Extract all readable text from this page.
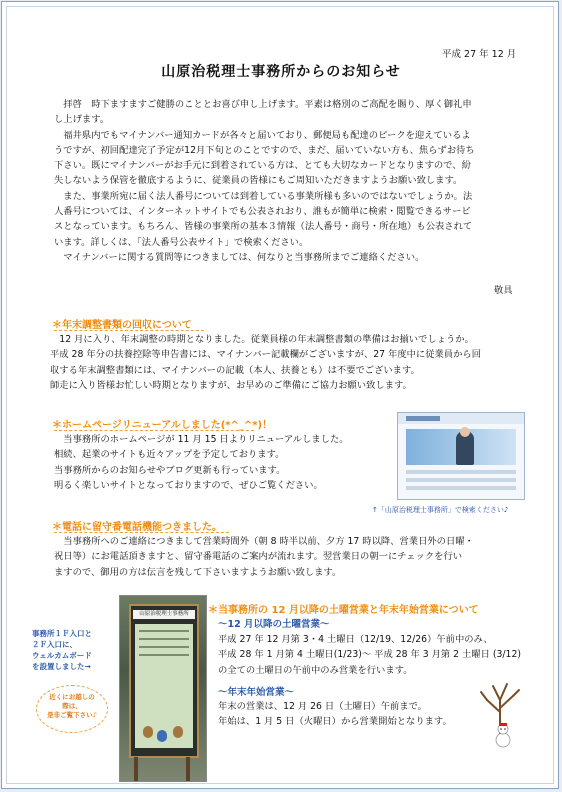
平成 27 年 12 月
山原治税理士事務所からのお知らせ
　拝啓　時下ますますご健勝のこととお喜び申し上げます。平素は格別のご高配を賜り、厚く御礼申
し上げます。
　福井県内でもマイナンバー通知カードが各々と届いており、郵便局も配達のピークを迎えているよ
うですが、初回配達完了予定が12月下旬とのことですので、まだ、届いていない方も、焦らずお待ち
下さい。既にマイナンバーがお手元に到着されている方は、とても大切なカードとなりますので、紛
失しないよう保管を徹底するように、従業員の皆様にもご周知いただきますようお願い致します。
　また、事業所宛に届く法人番号については到着している事業所様も多いのではないでしょうか。法
人番号については、インターネットサイトでも公表されおり、誰もが簡単に検索・閲覧できるサービ
スとなっています。もちろん、皆様の事業所の基本３情報（法人番号・商号・所在地）も公表されて
います。詳しくは、「法人番号公表サイト」で検索ください。
　マイナンバーに関する質問等につきましては、何なりと当事務所までご連絡ください。
敬具
＊年末調整書類の回収について
　12 月に入り、年末調整の時期となりました。従業員様の年末調整書類の準備はお揃いでしょうか。
平成 28 年分の扶養控除等申告書には、マイナンバー記載欄がございますが、27 年度中に従業員から回
収する年末調整書類には、マイナンバーの記載（本人、扶養とも）は不要でございます。
師走に入り皆様お忙しい時期となりますが、お早めのご準備にご協力お願い致します。
＊ホームページリニューアルしました(*^_^*)！
　当事務所のホームページが 11 月 15 日よりリニューアルしました。
相続、起業のサイトも近々アップを予定しております。
当事務所からのお知らせやブログ更新も行っています。
明るく楽しいサイトとなっておりますので、ぜひご覧ください。
↑「山原治税理士事務所」で検索ください♪
＊電話に留守番電話機能つきました。
　当事務所へのご連絡につきまして営業時間外（朝 8 時半以前、夕方 17 時以降、営業日外の日曜・
祝日等）にお電話頂きますと、留守番電話のご案内が流れます。翌営業日の朝一にチェックを行い
ますので、御用の方は伝言を残して下さいますようお願い致します。
山原治税理士事務所
事務所１Ｆ入口と
２Ｆ入口に、
ウェルカムボード
を設置しました→
近くにお越しの
際は、
是非ご覧下さい♪
＊当事務所の 12 月以降の土曜営業と年末年始営業について
～12 月以降の土曜営業～
平成 27 年 12 月第 3・4 土曜日（12/19、12/26）午前中のみ、
平成 28 年 1 月第 4 土曜日(1/23)～ 平成 28 年 3 月第 2 土曜日 (3/12)
の全ての土曜日の午前中のみ営業を行います。
～年末年始営業～
年末の営業は、12 月 26 日（土曜日）午前まで。
年始は、1 月 5 日（火曜日）から営業開始となります。
